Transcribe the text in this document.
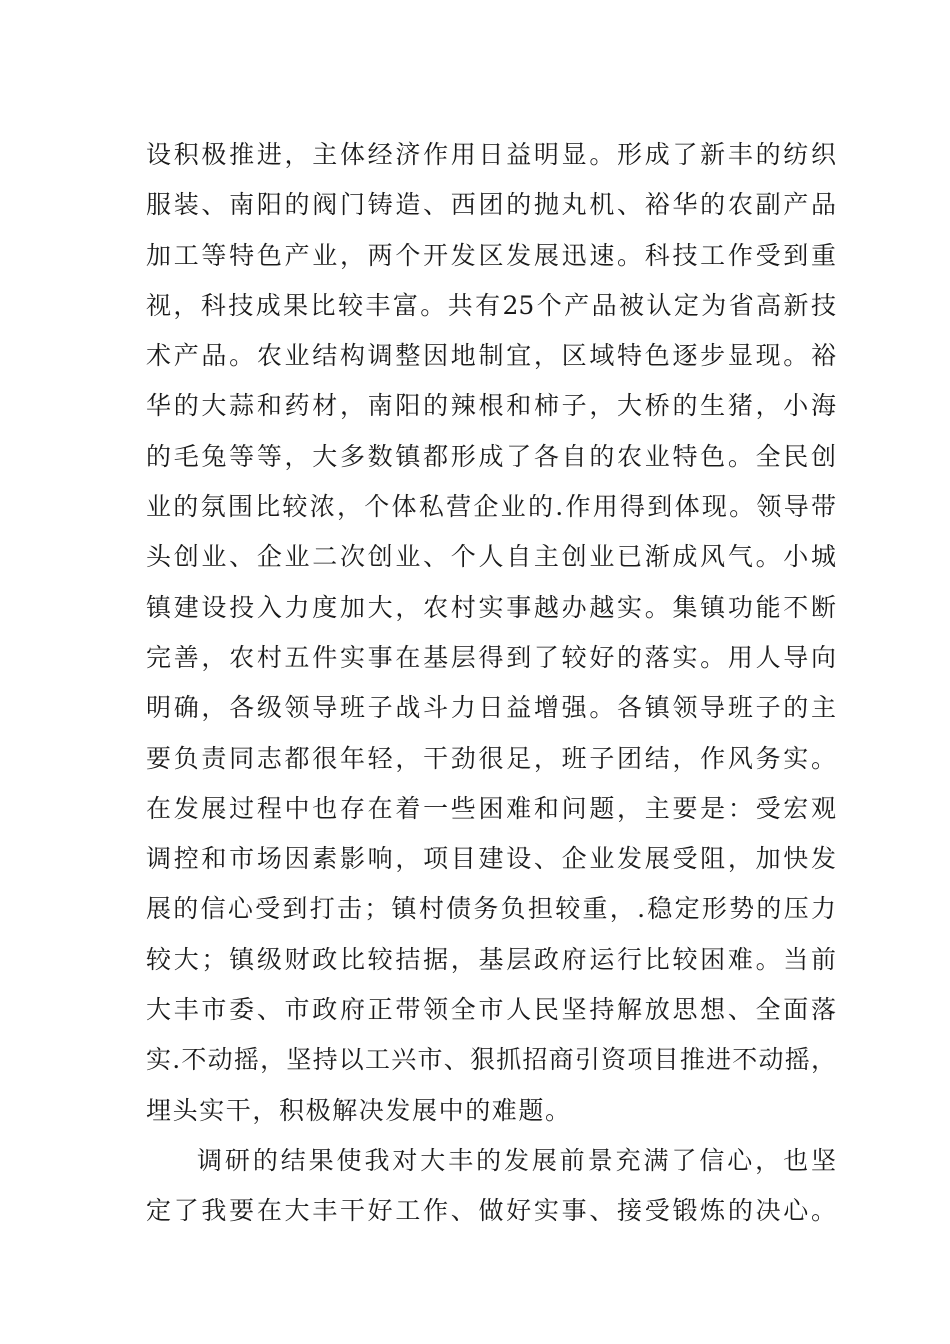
设积极推进，主体经济作用日益明显。形成了新丰的纺织
服装、南阳的阀门铸造、西团的抛丸机、裕华的农副产品
加工等特色产业，两个开发区发展迅速。科技工作受到重
视，科技成果比较丰富。共有25个产品被认定为省高新技
术产品。农业结构调整因地制宜，区域特色逐步显现。裕
华的大蒜和药材，南阳的辣根和柿子，大桥的生猪，小海
的毛兔等等，大多数镇都形成了各自的农业特色。全民创
业的氛围比较浓，个体私营企业的.作用得到体现。领导带
头创业、企业二次创业、个人自主创业已渐成风气。小城
镇建设投入力度加大，农村实事越办越实。集镇功能不断
完善，农村五件实事在基层得到了较好的落实。用人导向
明确，各级领导班子战斗力日益增强。各镇领导班子的主
要负责同志都很年轻，干劲很足，班子团结，作风务实。
在发展过程中也存在着一些困难和问题，主要是：受宏观
调控和市场因素影响，项目建设、企业发展受阻，加快发
展的信心受到打击；镇村债务负担较重，.稳定形势的压力
较大；镇级财政比较拮据，基层政府运行比较困难。当前
大丰市委、市政府正带领全市人民坚持解放思想、全面落
实.不动摇，坚持以工兴市、狠抓招商引资项目推进不动摇，
埋头实干，积极解决发展中的难题。
调研的结果使我对大丰的发展前景充满了信心，也坚
定了我要在大丰干好工作、做好实事、接受锻炼的决心。
